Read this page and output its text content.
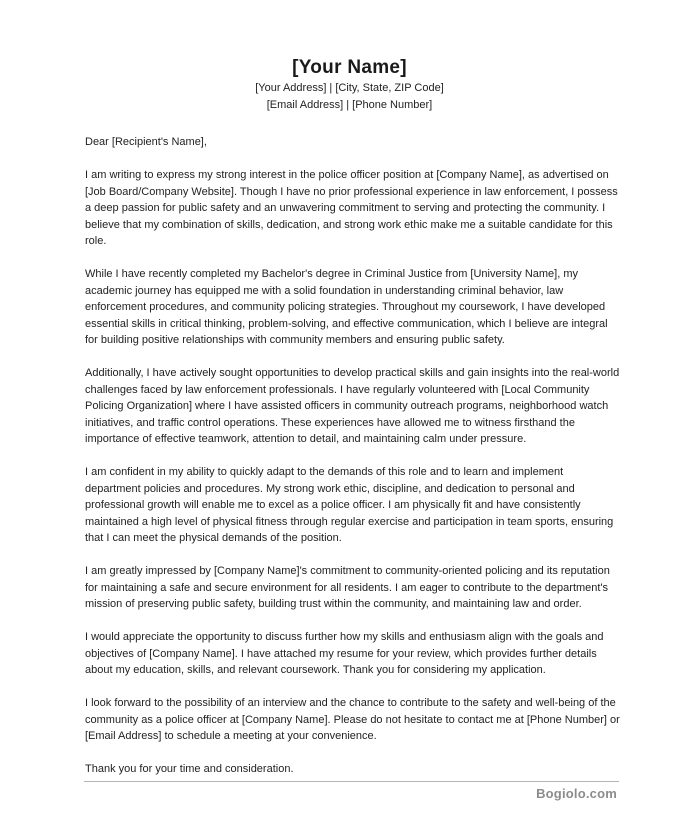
[Your Name]
[Your Address] | [City, State, ZIP Code]
[Email Address] | [Phone Number]

Dear [Recipient's Name],

I am writing to express my strong interest in the police officer position at [Company Name], as advertised on [Job Board/Company Website]. Though I have no prior professional experience in law enforcement, I possess a deep passion for public safety and an unwavering commitment to serving and protecting the community. I believe that my combination of skills, dedication, and strong work ethic make me a suitable candidate for this role.

While I have recently completed my Bachelor's degree in Criminal Justice from [University Name], my academic journey has equipped me with a solid foundation in understanding criminal behavior, law enforcement procedures, and community policing strategies. Throughout my coursework, I have developed essential skills in critical thinking, problem-solving, and effective communication, which I believe are integral for building positive relationships with community members and ensuring public safety.

Additionally, I have actively sought opportunities to develop practical skills and gain insights into the real-world challenges faced by law enforcement professionals. I have regularly volunteered with [Local Community Policing Organization] where I have assisted officers in community outreach programs, neighborhood watch initiatives, and traffic control operations. These experiences have allowed me to witness firsthand the importance of effective teamwork, attention to detail, and maintaining calm under pressure.

I am confident in my ability to quickly adapt to the demands of this role and to learn and implement department policies and procedures. My strong work ethic, discipline, and dedication to personal and professional growth will enable me to excel as a police officer. I am physically fit and have consistently maintained a high level of physical fitness through regular exercise and participation in team sports, ensuring that I can meet the physical demands of the position.

I am greatly impressed by [Company Name]'s commitment to community-oriented policing and its reputation for maintaining a safe and secure environment for all residents. I am eager to contribute to the department's mission of preserving public safety, building trust within the community, and maintaining law and order.

I would appreciate the opportunity to discuss further how my skills and enthusiasm align with the goals and objectives of [Company Name]. I have attached my resume for your review, which provides further details about my education, skills, and relevant coursework. Thank you for considering my application.

I look forward to the possibility of an interview and the chance to contribute to the safety and well-being of the community as a police officer at [Company Name]. Please do not hesitate to contact me at [Phone Number] or [Email Address] to schedule a meeting at your convenience.

Thank you for your time and consideration.

Bogiolo.com
